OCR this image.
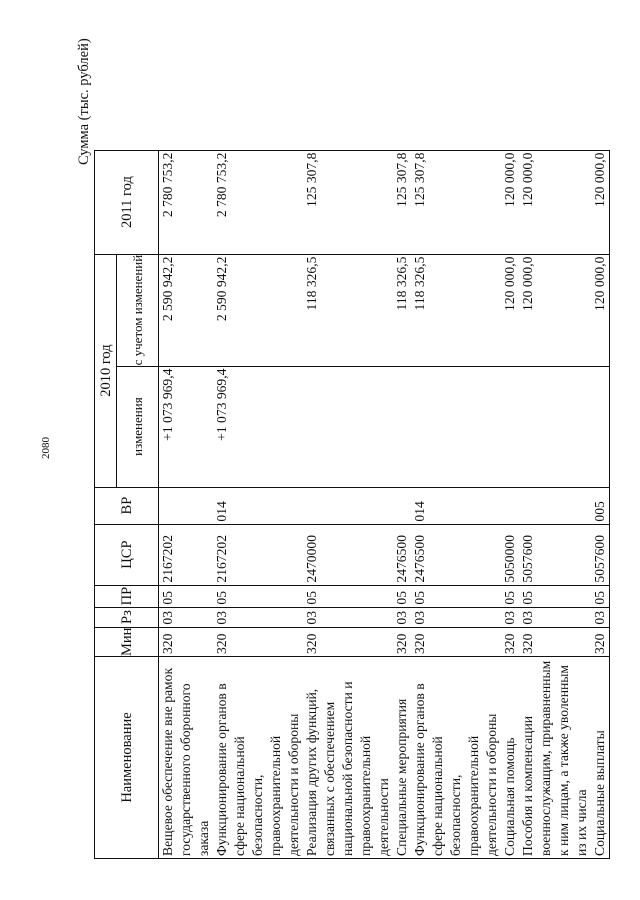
2080
Сумма (тыс. рублей)
Наименование	Мин	Рз	ПР	ЦСР	ВР	2010 год		2011 год
						изменения	с учетом изменений	
Вещевое обеспечение вне рамок государственного оборонного заказа	320	03	05	2167202		+1 073 969,4	2 590 942,2	2 780 753,2
Функционирование органов в сфере национальной безопасности, правоохранительной деятельности и обороны	320	03	05	2167202	014	+1 073 969,4	2 590 942,2	2 780 753,2
Реализация других функций, связанных с обеспечением национальной безопасности и правоохранительной деятельности	320	03	05	2470000			118 326,5	125 307,8
Специальные мероприятия	320	03	05	2476500			118 326,5	125 307,8
Функционирование органов в сфере национальной безопасности, правоохранительной деятельности и обороны	320	03	05	2476500	014		118 326,5	125 307,8
Социальная помощь	320	03	05	5050000			120 000,0	120 000,0
Пособия и компенсации военнослужащим, приравненным к ним лицам, а также уволенным из их числа	320	03	05	5057600			120 000,0	120 000,0
Социальные выплаты	320	03	05	5057600	005		120 000,0	120 000,0
